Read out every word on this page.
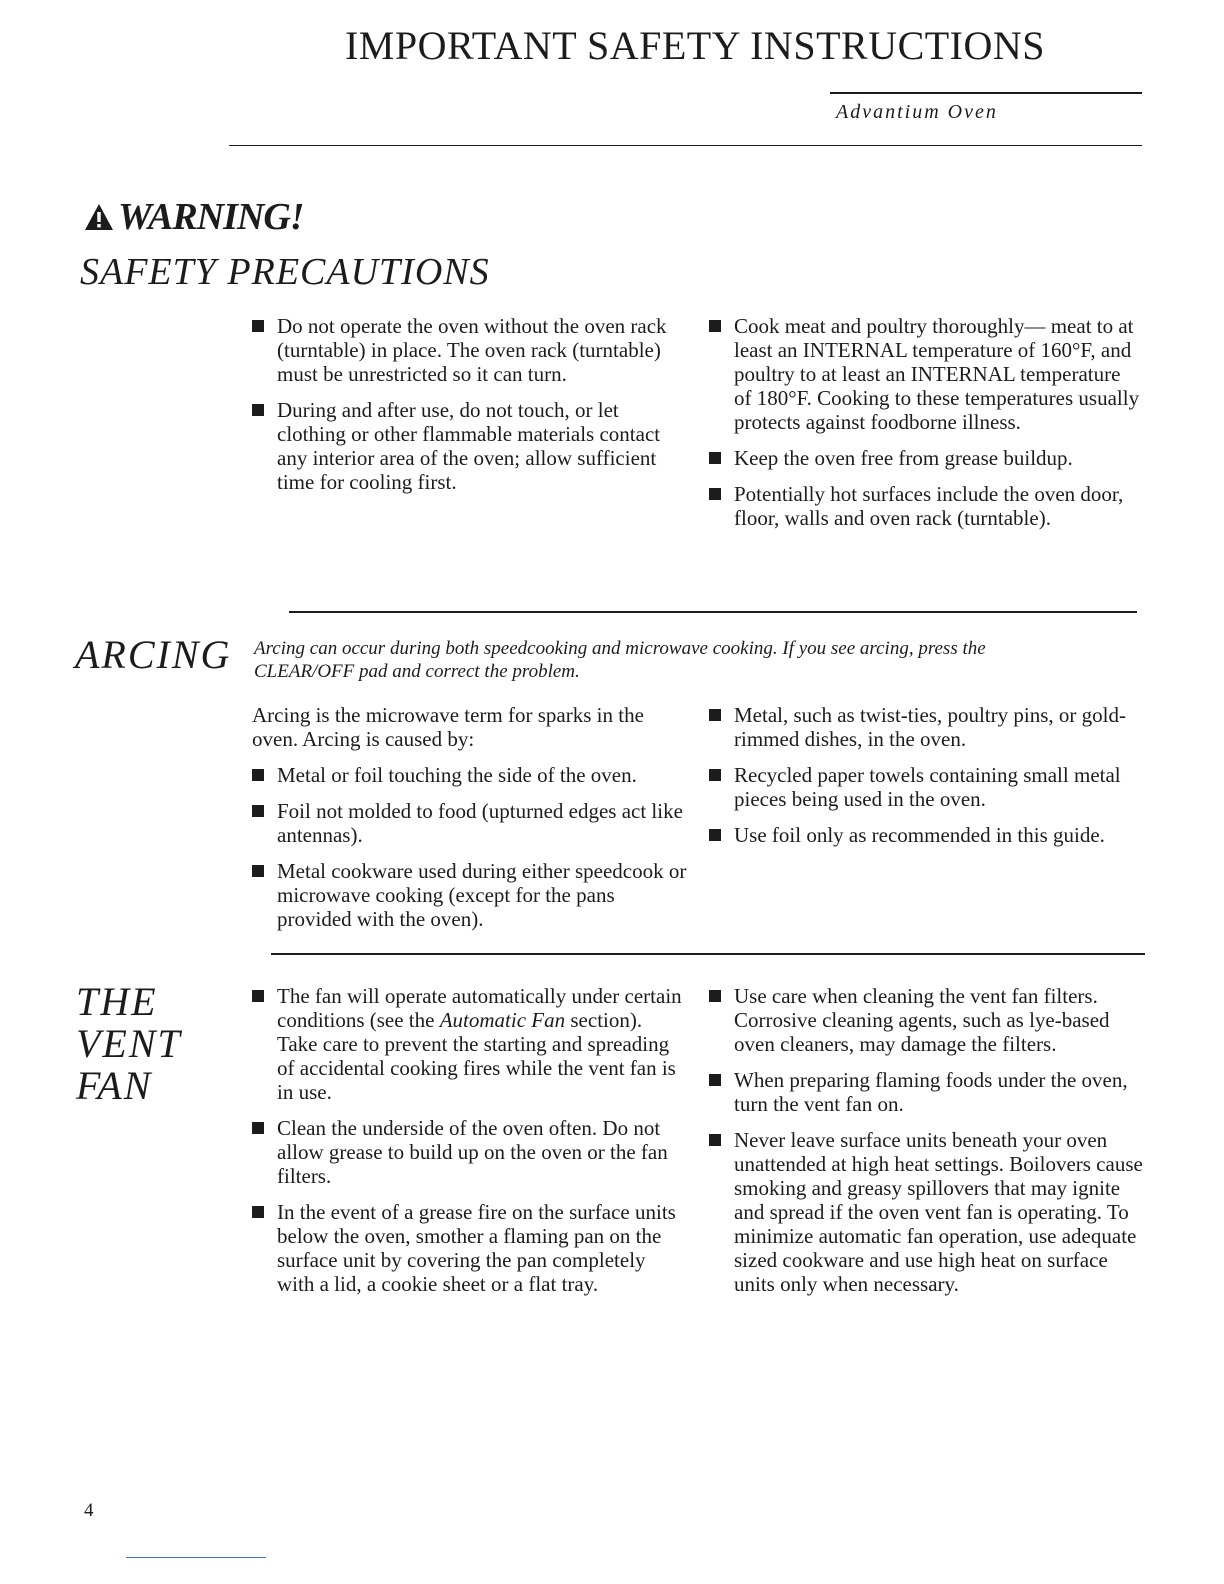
IMPORTANT SAFETY INSTRUCTIONS
Advantium Oven
WARNING!
SAFETY PRECAUTIONS
Do not operate the oven without the oven rack (turntable) in place. The oven rack (turntable) must be unrestricted so it can turn.
During and after use, do not touch, or let clothing or other flammable materials contact any interior area of the oven; allow sufficient time for cooling first.
Cook meat and poultry thoroughly— meat to at least an INTERNAL temperature of 160°F, and poultry to at least an INTERNAL temperature of 180°F. Cooking to these temperatures usually protects against foodborne illness.
Keep the oven free from grease buildup.
Potentially hot surfaces include the oven door, floor, walls and oven rack (turntable).
ARCING Arcing can occur during both speedcooking and microwave cooking. If you see arcing, press the CLEAR/OFF pad and correct the problem.
Arcing is the microwave term for sparks in the oven. Arcing is caused by:
Metal or foil touching the side of the oven.
Foil not molded to food (upturned edges act like antennas).
Metal cookware used during either speedcook or microwave cooking (except for the pans provided with the oven).
Metal, such as twist-ties, poultry pins, or gold-rimmed dishes, in the oven.
Recycled paper towels containing small metal pieces being used in the oven.
Use foil only as recommended in this guide.
THE
VENT
FAN
The fan will operate automatically under certain conditions (see the Automatic Fan section). Take care to prevent the starting and spreading of accidental cooking fires while the vent fan is in use.
Clean the underside of the oven often. Do not allow grease to build up on the oven or the fan filters.
In the event of a grease fire on the surface units below the oven, smother a flaming pan on the surface unit by covering the pan completely with a lid, a cookie sheet or a flat tray.
Use care when cleaning the vent fan filters. Corrosive cleaning agents, such as lye-based oven cleaners, may damage the filters.
When preparing flaming foods under the oven, turn the vent fan on.
Never leave surface units beneath your oven unattended at high heat settings. Boilovers cause smoking and greasy spillovers that may ignite and spread if the oven vent fan is operating. To minimize automatic fan operation, use adequate sized cookware and use high heat on surface units only when necessary.
4
